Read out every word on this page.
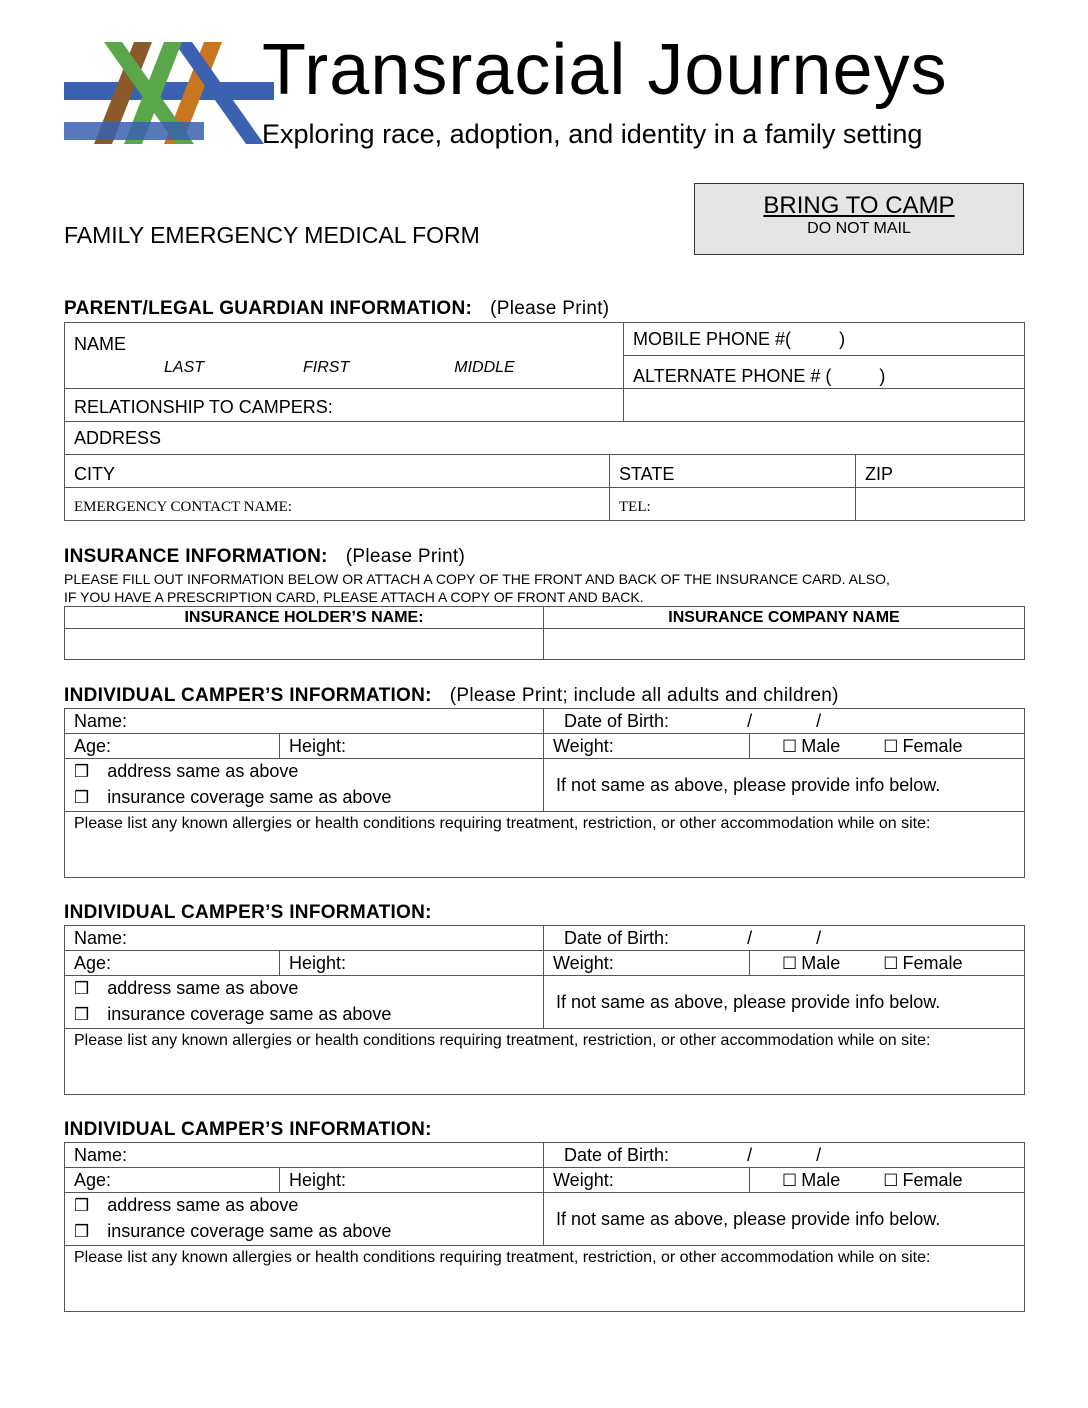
Transracial Journeys
Exploring race, adoption, and identity in a family setting
FAMILY EMERGENCY MEDICAL FORM
BRING TO CAMP
DO NOT MAIL
PARENT/LEGAL GUARDIAN INFORMATION: (Please Print)
NAME		MOBILE PHONE #( )	
LAST FIRST MIDDLE		ALTERNATE PHONE # ( )	
RELATIONSHIP TO CAMPERS:			
ADDRESS			
CITY	STATE		ZIP
EMERGENCY CONTACT NAME:	TEL:		
INSURANCE INFORMATION: (Please Print)
PLEASE FILL OUT INFORMATION BELOW OR ATTACH A COPY OF THE FRONT AND BACK OF THE INSURANCE CARD. ALSO,
IF YOU HAVE A PRESCRIPTION CARD, PLEASE ATTACH A COPY OF FRONT AND BACK.
INSURANCE HOLDER’S NAME:	INSURANCE COMPANY NAME

INDIVIDUAL CAMPER’S INFORMATION: (Please Print; include all adults and children)
Name:		Date of Birth: / /	
Age:	Height:	Weight:	☐ Male ☐ Female

❒ address same as above
❒ insurance coverage same as above		If not same as above, please provide info below.	
Please list any known allergies or health conditions requiring treatment, restriction, or other accommodation while on site:			
INDIVIDUAL CAMPER’S INFORMATION:
Name:		Date of Birth: / /	
Age:	Height:	Weight:	☐ Male ☐ Female

❒ address same as above
❒ insurance coverage same as above		If not same as above, please provide info below.	
Please list any known allergies or health conditions requiring treatment, restriction, or other accommodation while on site:			
INDIVIDUAL CAMPER’S INFORMATION:
Name:		Date of Birth: / /	
Age:	Height:	Weight:	☐ Male ☐ Female

❒ address same as above
❒ insurance coverage same as above		If not same as above, please provide info below.	
Please list any known allergies or health conditions requiring treatment, restriction, or other accommodation while on site:			
